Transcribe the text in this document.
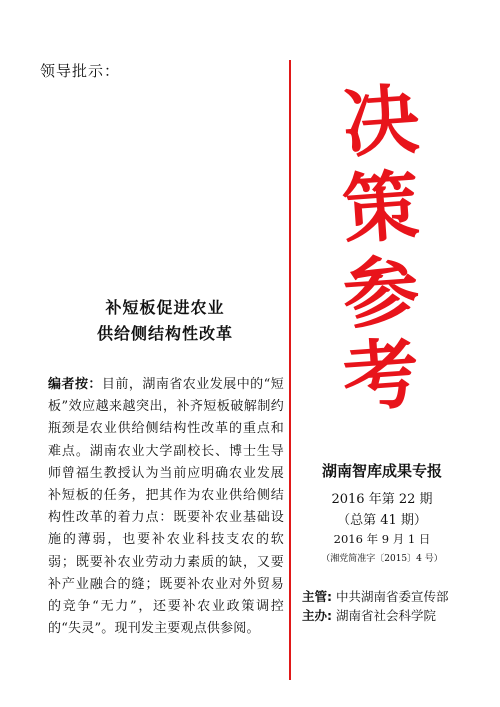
领导批示：
决
策
参
考
补短板促进农业
供给侧结构性改革
编者按：目前，湖南省农业发展中的“短板”效应越来越突出，补齐短板破解制约瓶颈是农业供给侧结构性改革的重点和难点。湖南农业大学副校长、博士生导师曾福生教授认为当前应明确农业发展补短板的任务，把其作为农业供给侧结构性改革的着力点：既要补农业基础设施的薄弱，也要补农业科技支农的软弱；既要补农业劳动力素质的缺，又要补产业融合的缝；既要补农业对外贸易的竞争“无力”，还要补农业政策调控的“失灵”。现刊发主要观点供参阅。
湖南智库成果专报
2016 年第 22 期
（总第 41 期）
2016 年 9 月 1 日
（湘党简准字〔2015〕4 号）
主管: 中共湖南省委宣传部
主办: 湖南省社会科学院
